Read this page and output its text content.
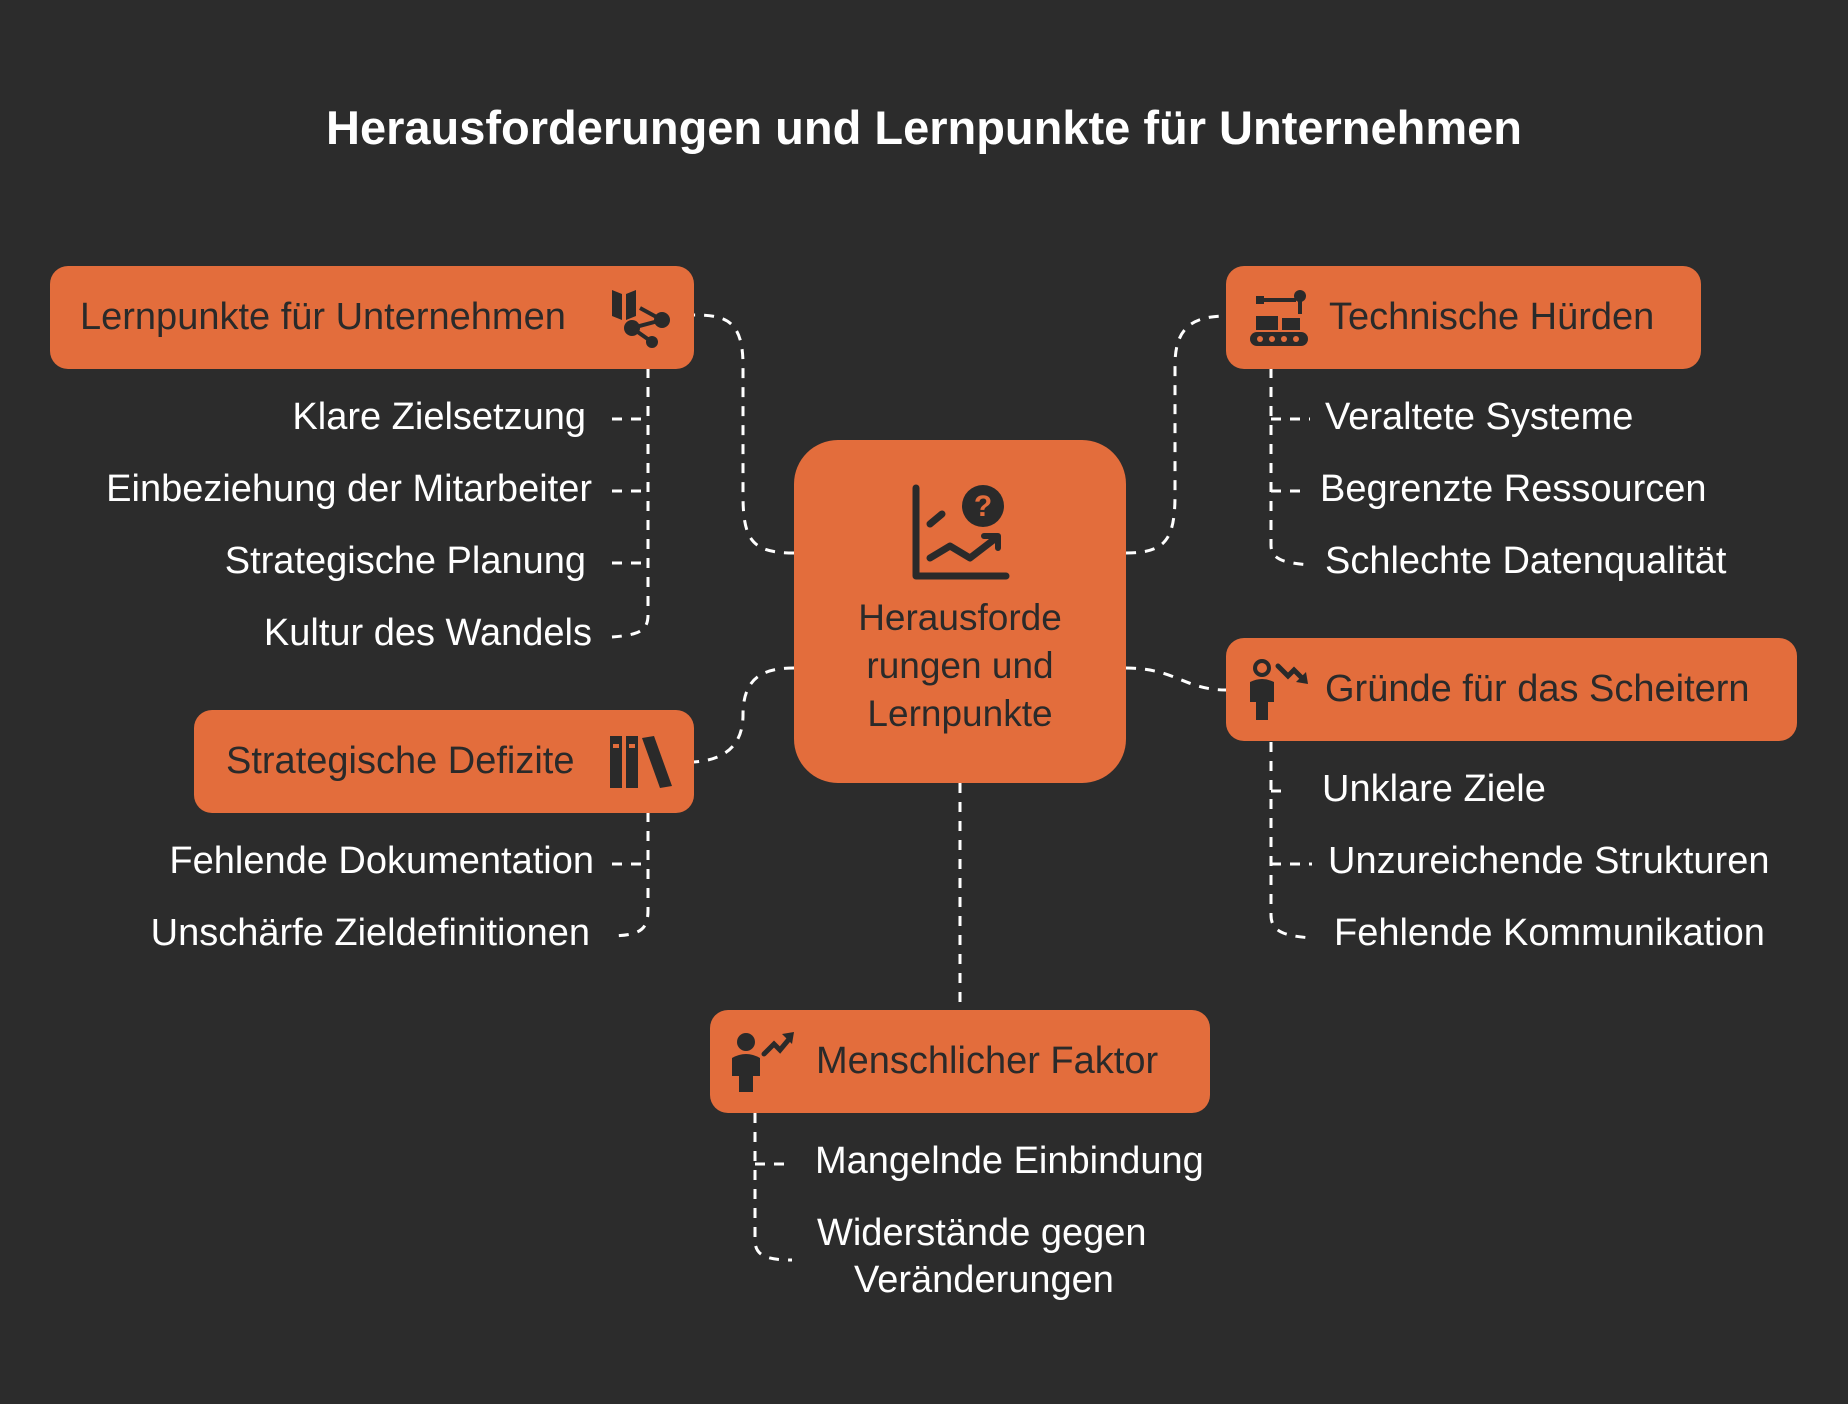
Herausforderungen und Lernpunkte für Unternehmen
?
Herausforde
rungen und
Lernpunkte
Lernpunkte für Unternehmen
Klare Zielsetzung
Einbeziehung der Mitarbeiter
Strategische Planung
Kultur des Wandels
Strategische Defizite
Fehlende Dokumentation
Unschärfe Zieldefinitionen
Technische Hürden
Veraltete Systeme
Begrenzte Ressourcen
Schlechte Datenqualität
Gründe für das Scheitern
Unklare Ziele
Unzureichende Strukturen
Fehlende Kommunikation
Menschlicher Faktor
Mangelnde Einbindung
Widerstände gegen
Veränderungen
